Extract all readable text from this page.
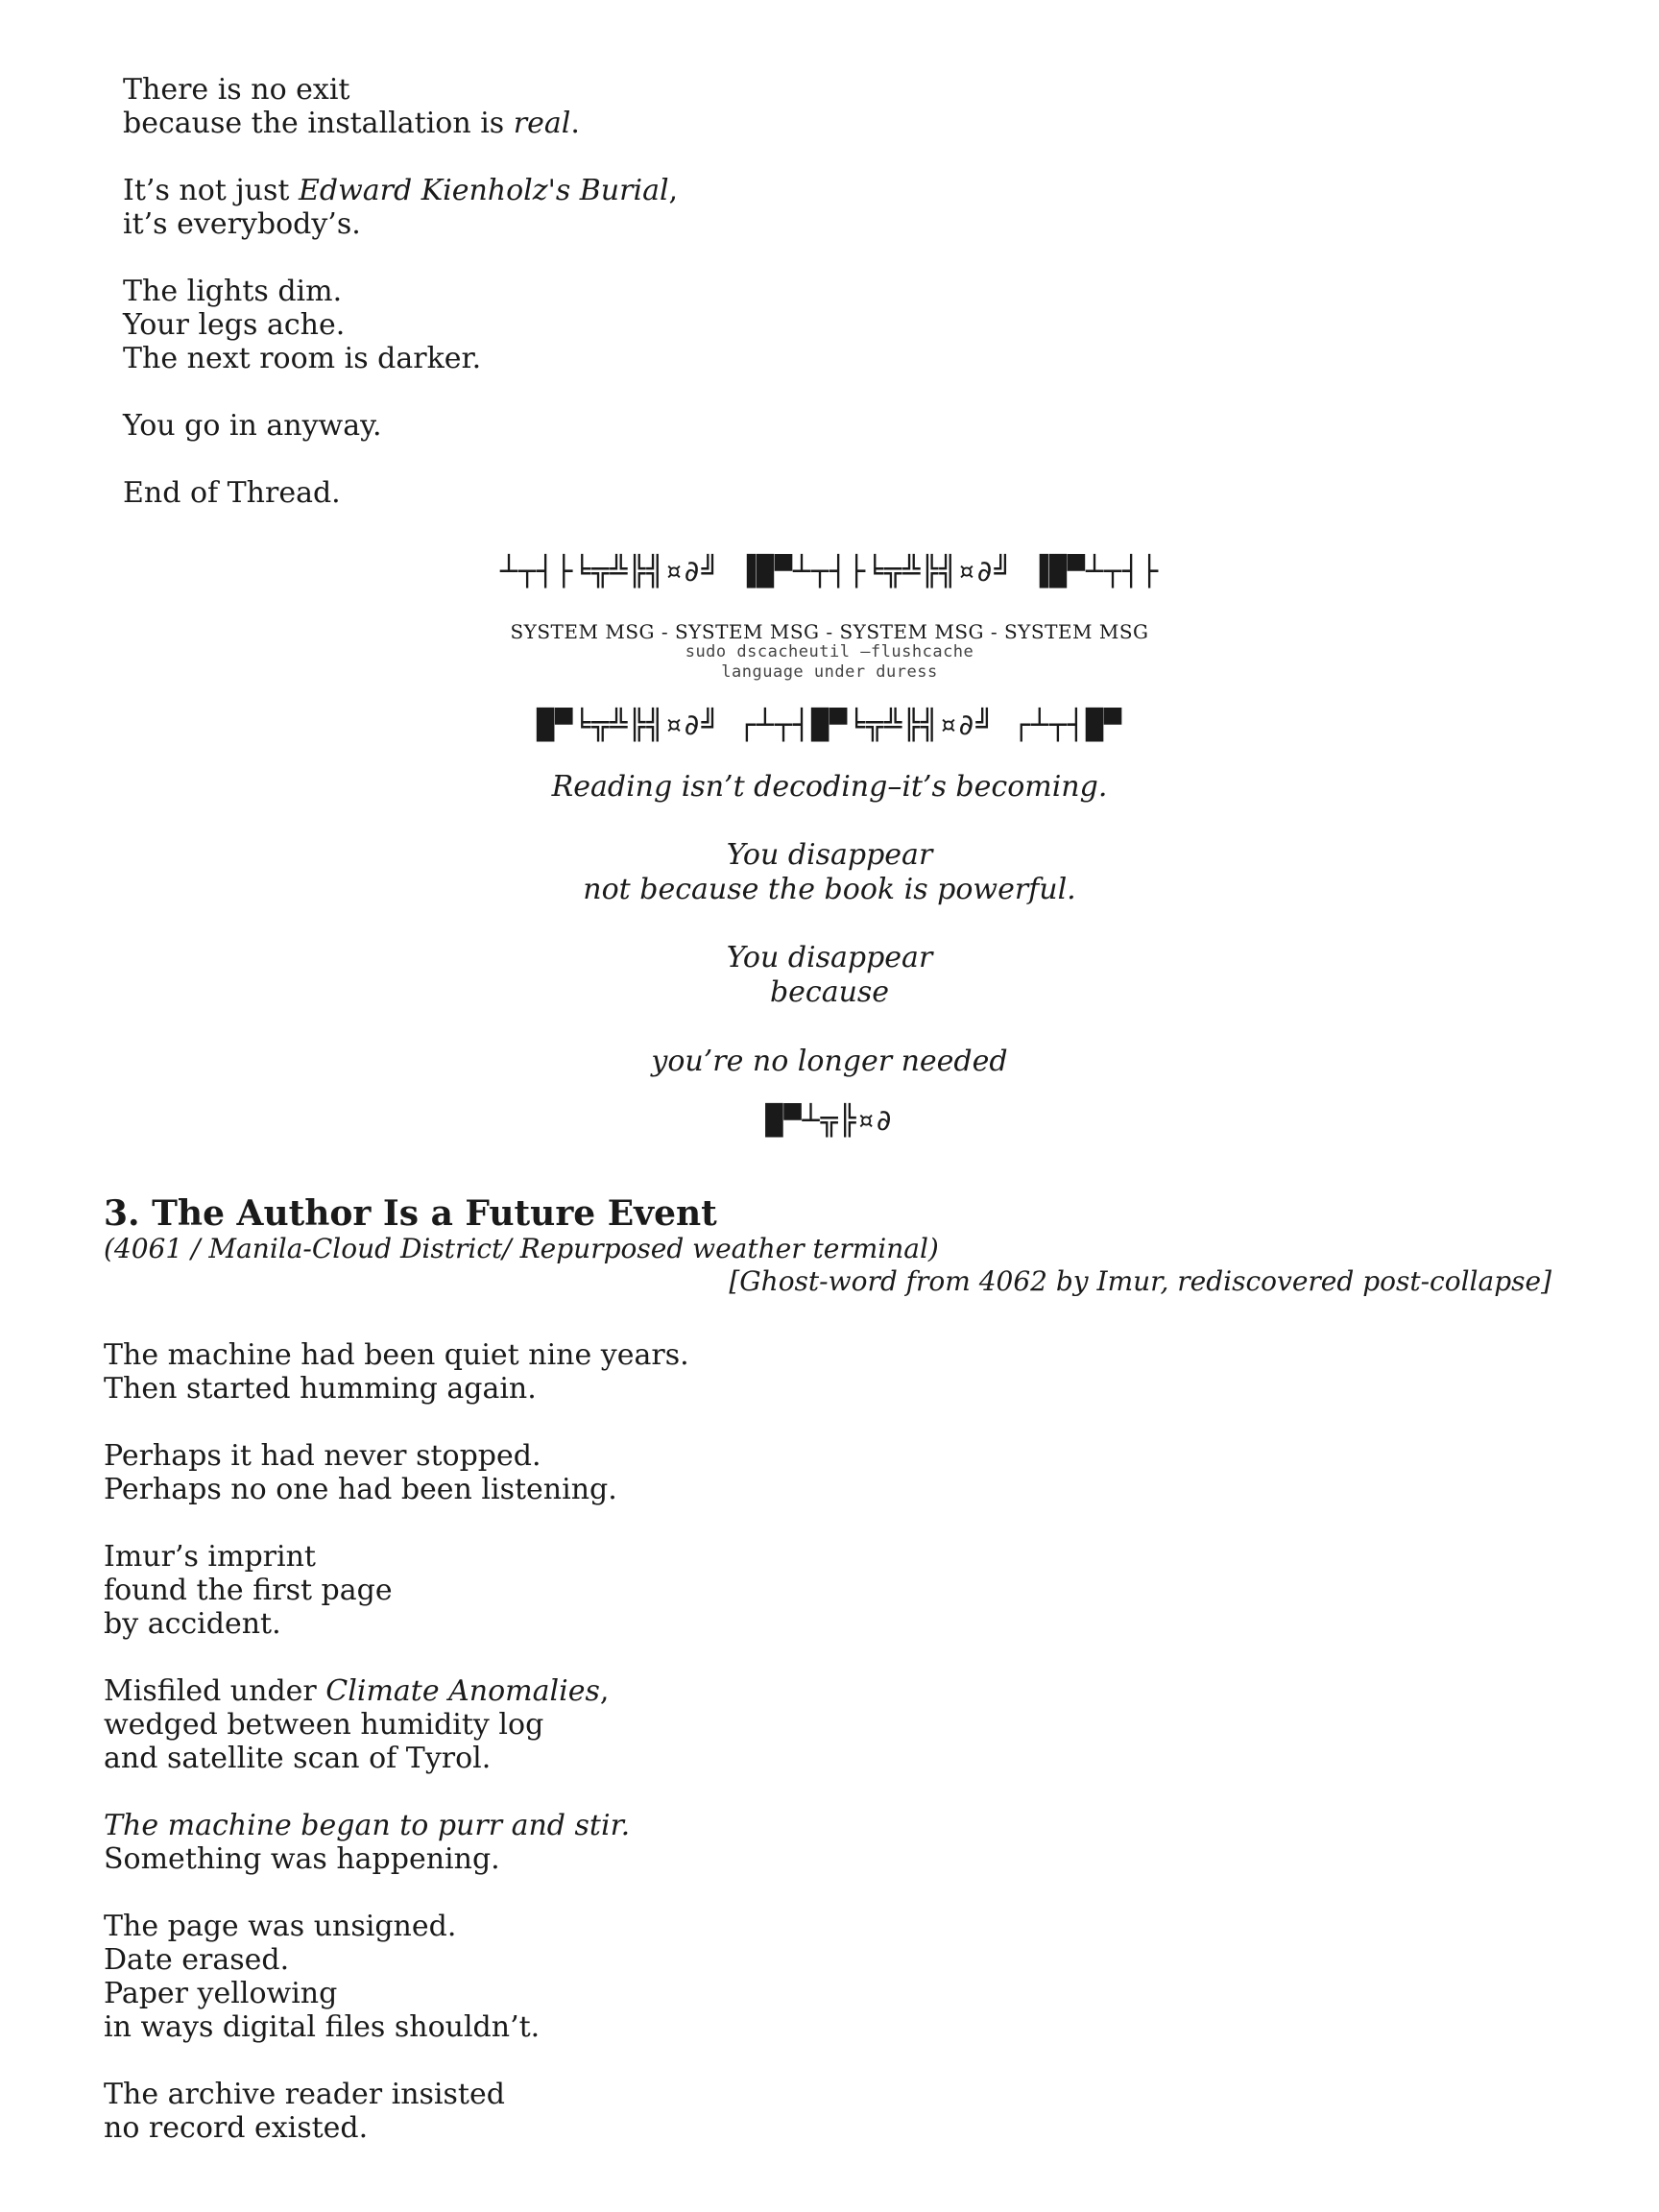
There is no exit
because the installation is real.
It’s not just Edward Kienholz's Burial,
it’s everybody’s.
The lights dim.
Your legs ache.
The next room is darker.
You go in anyway.
End of Thread.
┴┬┤├╘╦╩╠╣¤∂╝ ▐█▀┴┬┤├╘╦╩╠╣¤∂╝ ▐█▀┴┬┤├
SYSTEM MSG - SYSTEM MSG - SYSTEM MSG - SYSTEM MSG
sudo dscacheutil –flushcache
language under duress
█▀╘╦╩╠╣¤∂╝ ┌┴┬┤█▀╘╦╩╠╣¤∂╝ ┌┴┬┤█▀
Reading isn’t decoding–it’s becoming.
You disappear
not because the book is powerful.
You disappear
because
you’re no longer needed
█▀┴╦╠¤∂
3. The Author Is a Future Event
(4061 / Manila-Cloud District/ Repurposed weather terminal)
[Ghost-word from 4062 by Imur, rediscovered post-collapse]
The machine had been quiet nine years.
Then started humming again.
Perhaps it had never stopped.
Perhaps no one had been listening.
Imur’s imprint
found the first page
by accident.
Misfiled under Climate Anomalies,
wedged between humidity log
and satellite scan of Tyrol.
The machine began to purr and stir.
Something was happening.
The page was unsigned.
Date erased.
Paper yellowing
in ways digital files shouldn’t.
The archive reader insisted
no record existed.
